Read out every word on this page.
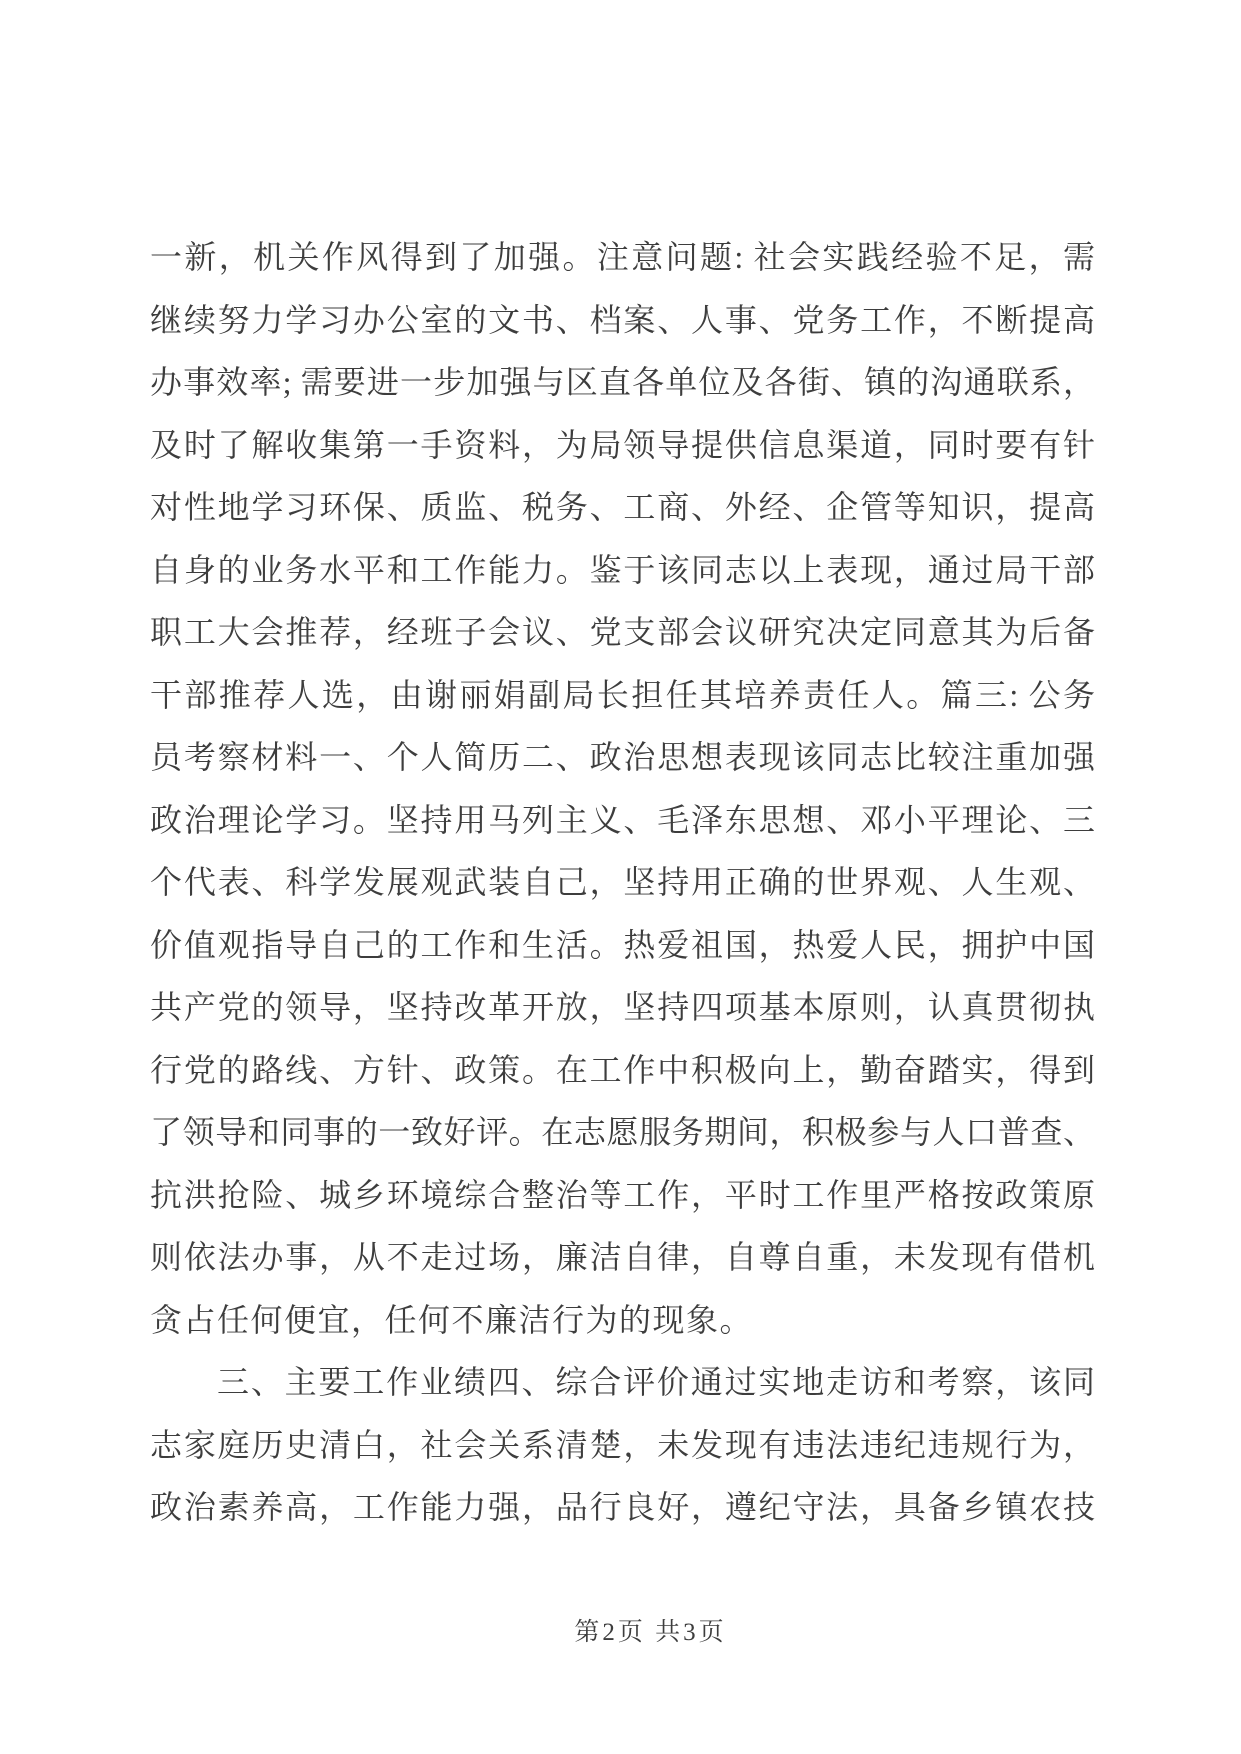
一新，机关作风得到了加强。注意问题: 社会实践经验不足，需
继续努力学习办公室的文书、档案、人事、党务工作，不断提高
办事效率; 需要进一步加强与区直各单位及各街、镇的沟通联系，
及时了解收集第一手资料，为局领导提供信息渠道，同时要有针
对性地学习环保、质监、税务、工商、外经、企管等知识，提高
自身的业务水平和工作能力。鉴于该同志以上表现，通过局干部
职工大会推荐，经班子会议、党支部会议研究决定同意其为后备
干部推荐人选，由谢丽娟副局长担任其培养责任人。篇三: 公务
员考察材料一、个人简历二、政治思想表现该同志比较注重加强
政治理论学习。坚持用马列主义、毛泽东思想、邓小平理论、三
个代表、科学发展观武装自己，坚持用正确的世界观、人生观、
价值观指导自己的工作和生活。热爱祖国，热爱人民，拥护中国
共产党的领导，坚持改革开放，坚持四项基本原则，认真贯彻执
行党的路线、方针、政策。在工作中积极向上，勤奋踏实，得到
了领导和同事的一致好评。在志愿服务期间，积极参与人口普查、
抗洪抢险、城乡环境综合整治等工作，平时工作里严格按政策原
则依法办事，从不走过场，廉洁自律，自尊自重，未发现有借机
贪占任何便宜，任何不廉洁行为的现象。
三、主要工作业绩四、综合评价通过实地走访和考察，该同
志家庭历史清白，社会关系清楚，未发现有违法违纪违规行为，
政治素养高，工作能力强，品行良好，遵纪守法，具备乡镇农技
第2页 共3页
